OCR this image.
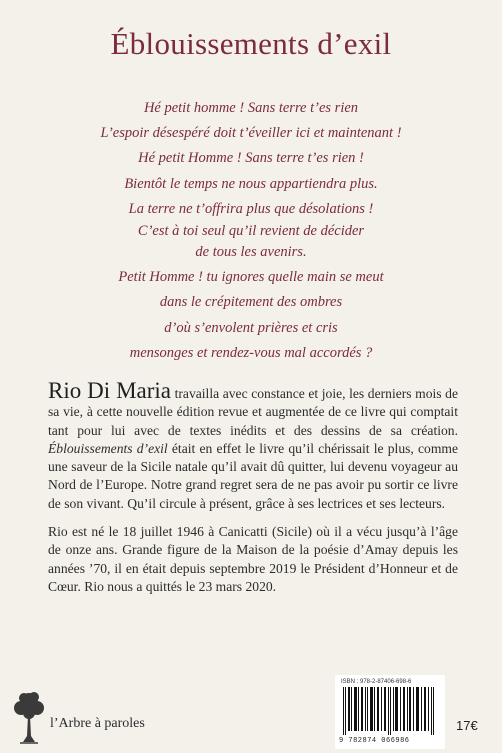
Éblouissements d’exil
Hé petit homme ! Sans terre t’es rien
L’espoir désespéré doit t’éveiller ici et maintenant !
Hé petit Homme ! Sans terre t’es rien !
Bientôt le temps ne nous appartiendra plus.
La terre ne t’offrira plus que désolations !
C’est à toi seul qu’il revient de décider
de tous les avenirs.
Petit Homme ! tu ignores quelle main se meut
dans le crépitement des ombres
d’où s’envolent prières et cris
mensonges et rendez-vous mal accordés ?

Rio Di Maria travailla avec constance et joie, les derniers mois de sa vie, à cette nouvelle édition revue et augmentée de ce livre qui comptait tant pour lui avec de textes inédits et des dessins de sa création. Éblouissements d’exil était en effet le livre qu’il chérissait le plus, comme une saveur de la Sicile natale qu’il avait dû quitter, lui devenu voyageur au Nord de l’Europe. Notre grand regret sera de ne pas avoir pu sortir ce livre de son vivant. Qu’il circule à présent, grâce à ses lectrices et ses lecteurs.

Rio est né le 18 juillet 1946 à Canicatti (Sicile) où il a vécu jusqu’à l’âge de onze ans. Grande figure de la Maison de la poésie d’Amay depuis les années ’70, il en était depuis septembre 2019 le Président d’Honneur et de Cœur. Rio nous a quittés le 23 mars 2020.

l’Arbre à paroles
ISBN : 978-2-87406-698-6
9 782874 066986
17€
